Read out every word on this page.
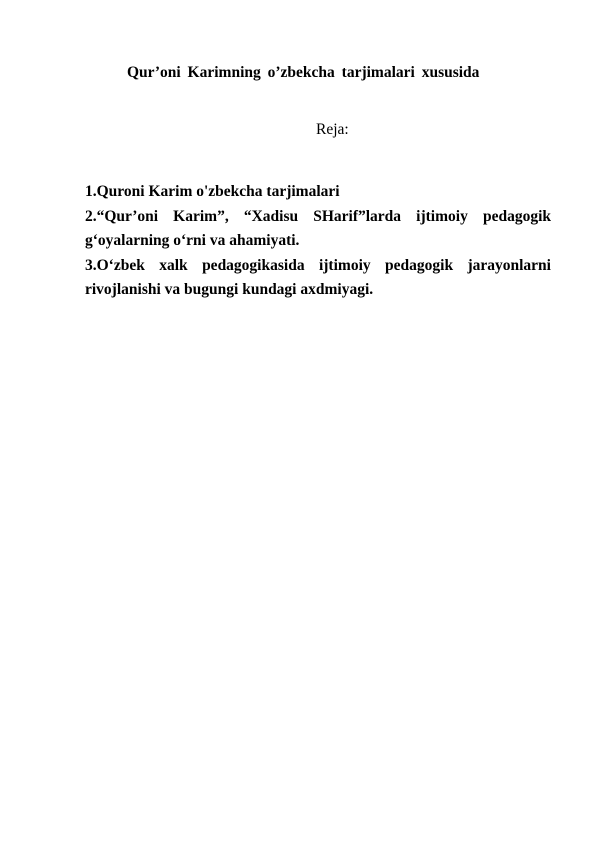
Qur’oni Karimning o’zbekcha tarjimalari xususida
Reja:

1.Quroni Karim o'zbekcha tarjimalari

2.“Qur’oni Karim”, “Xadisu SHarif”larda ijtimoiy pedagogik g‘oyalarning o‘rni va ahamiyati.

3.O‘zbek xalk pedagogikasida ijtimoiy pedagogik jarayonlarni rivojlanishi va bugungi kundagi axdmiyagi.
